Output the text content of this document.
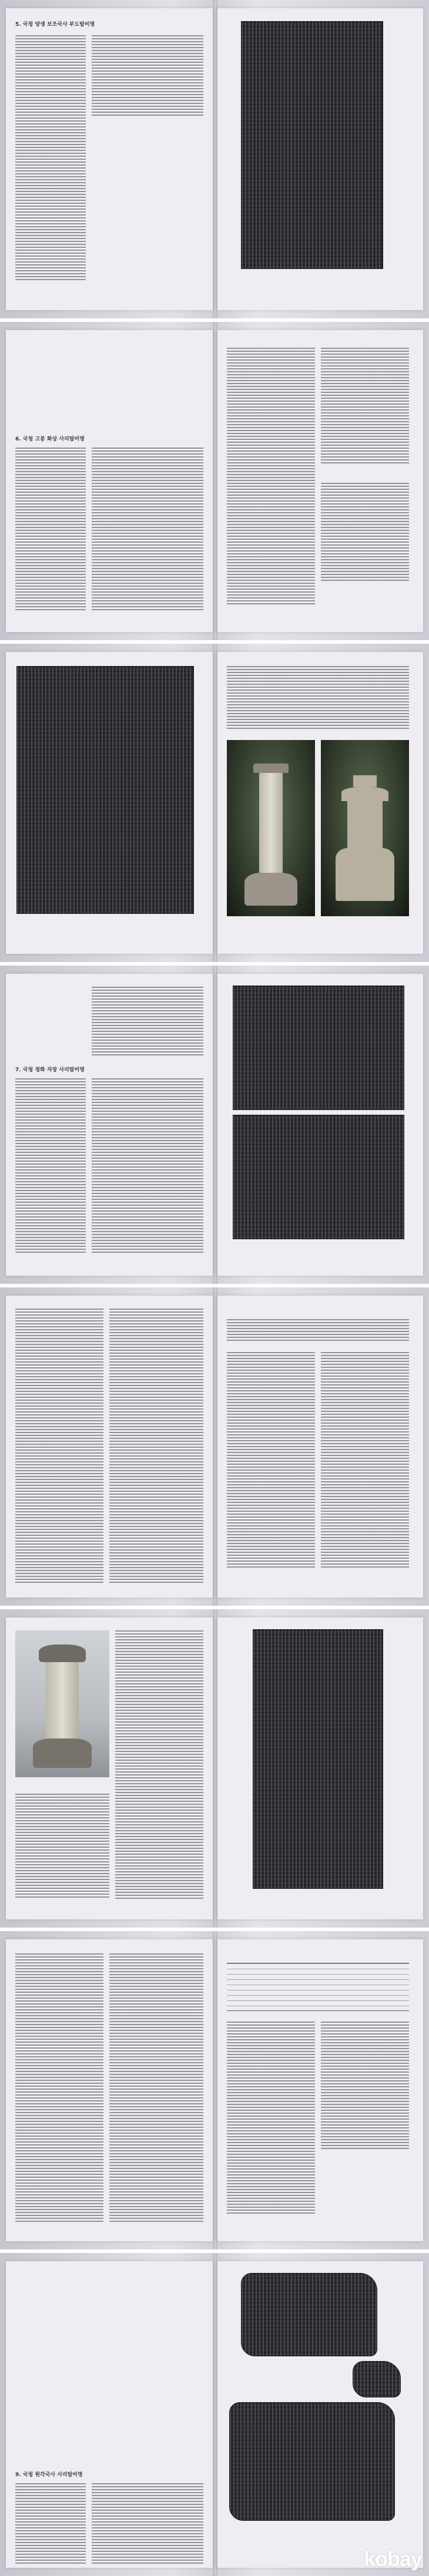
5. 국청 양생 보조국사 부도탑비명
·
6. 국청 고봉 화상 사리탑비명
7. 국청 청화 자장 사리탑비명
9. 국청 원각국사 사리탑비명
kobay
